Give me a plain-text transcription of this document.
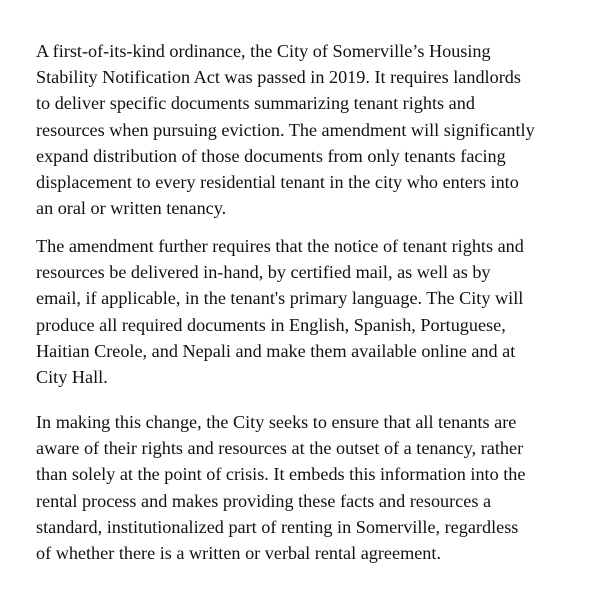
A first-of-its-kind ordinance, the City of Somerville’s Housing
Stability Notification Act was passed in 2019. It requires landlords
to deliver specific documents summarizing tenant rights and
resources when pursuing eviction. The amendment will significantly
expand distribution of those documents from only tenants facing
displacement to every residential tenant in the city who enters into
an oral or written tenancy.

The amendment further requires that the notice of tenant rights and
resources be delivered in-hand, by certified mail, as well as by
email, if applicable, in the tenant's primary language. The City will
produce all required documents in English, Spanish, Portuguese,
Haitian Creole, and Nepali and make them available online and at
City Hall.

In making this change, the City seeks to ensure that all tenants are
aware of their rights and resources at the outset of a tenancy, rather
than solely at the point of crisis. It embeds this information into the
rental process and makes providing these facts and resources a
standard, institutionalized part of renting in Somerville, regardless
of whether there is a written or verbal rental agreement.
